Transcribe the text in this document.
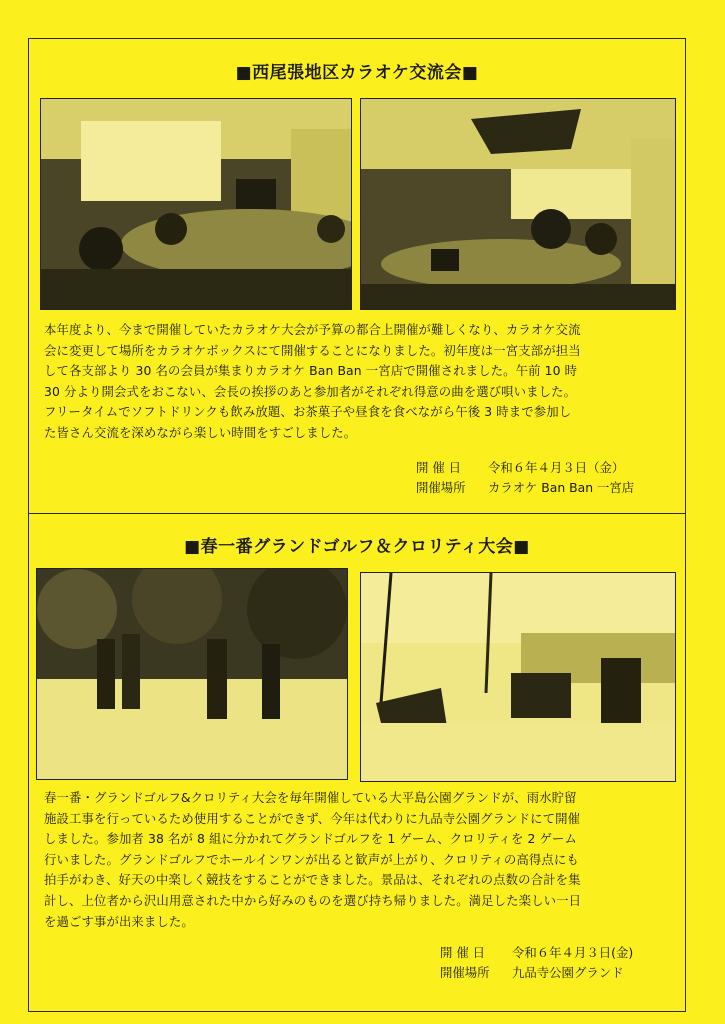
■西尾張地区カラオケ交流会■
本年度より、今まで開催していたカラオケ大会が予算の都合上開催が難しくなり、カラオケ交流
会に変更して場所をカラオケボックスにて開催することになりました。初年度は一宮支部が担当
して各支部より 30 名の会員が集まりカラオケ Ban Ban 一宮店で開催されました。午前 10 時
30 分より開会式をおこない、会長の挨拶のあと参加者がそれぞれ得意の曲を選び唄いました。
フリータイムでソフトドリンクも飲み放題、お茶菓子や昼食を食べながら午後 3 時まで参加し
た皆さん交流を深めながら楽しい時間をすごしました。
開 催 日	令和６年４月３日（金）
開催場所	カラオケ Ban Ban 一宮店
■春一番グランドゴルフ＆クロリティ大会■
春一番・グランドゴルフ&クロリティ大会を毎年開催している大平島公園グランドが、雨水貯留
施設工事を行っているため使用することができず、今年は代わりに九品寺公園グランドにて開催
しました。参加者 38 名が 8 組に分かれてグランドゴルフを 1 ゲーム、クロリティを 2 ゲーム
行いました。グランドゴルフでホールインワンが出ると歓声が上がり、クロリティの高得点にも
拍手がわき、好天の中楽しく競技をすることができました。景品は、それぞれの点数の合計を集
計し、上位者から沢山用意された中から好みのものを選び持ち帰りました。満足した楽しい一日
を過ごす事が出来ました。
開 催 日	令和６年４月３日(金)
開催場所	九品寺公園グランド
